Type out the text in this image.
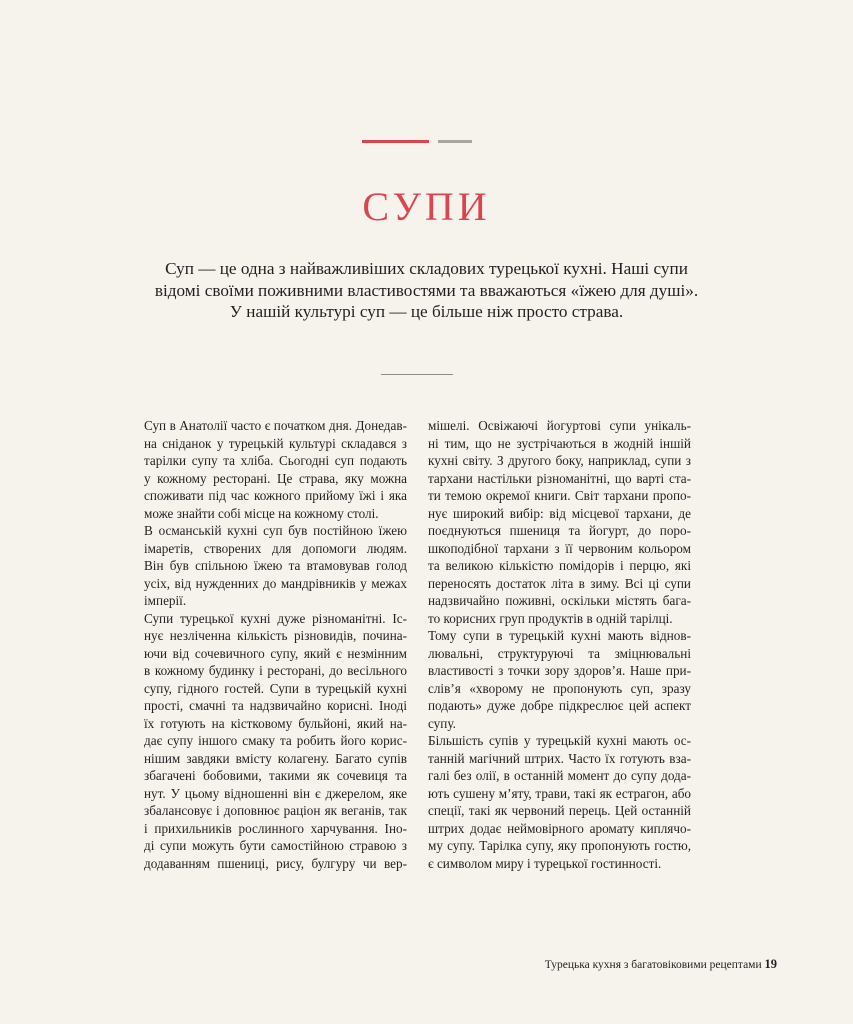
СУПИ

Суп — це одна з найважливіших складових турецької кухні. Наші супи
відомі своїми поживними властивостями та вважаються «їжею для душі».
У нашій культурі суп — це більше ніж просто страва.

Суп в Анатолії часто є початком дня. Донедав-
на сніданок у турецькій культурі складався з
тарілки супу та хліба. Сьогодні суп подають
у кожному ресторані. Це страва, яку можна
споживати під час кожного прийому їжі і яка
може знайти собі місце на кожному столі.
В османській кухні суп був постійною їжею
імаретів, створених для допомоги людям.
Він був спільною їжею та втамовував голод
усіх, від нужденних до мандрівників у межах
імперії.
Супи турецької кухні дуже різноманітні. Іс-
нує незліченна кількість різновидів, почина-
ючи від сочевичного супу, який є незмінним
в кожному будинку і ресторані, до весільного
супу, гідного гостей. Супи в турецькій кухні
прості, смачні та надзвичайно корисні. Іноді
їх готують на кістковому бульйоні, який на-
дає супу іншого смаку та робить його корис-
нішим завдяки вмісту колагену. Багато супів
збагачені бобовими, такими як сочевиця та
нут. У цьому відношенні він є джерелом, яке
збалансовує і доповнює раціон як веганів, так
і прихильників рослинного харчування. Іно-
ді супи можуть бути самостійною стравою з
додаванням пшениці, рису, булгуру чи вер-
мішелі. Освіжаючі йогуртові супи унікаль-
ні тим, що не зустрічаються в жодній іншій
кухні світу. З другого боку, наприклад, супи з
тархани настільки різноманітні, що варті ста-
ти темою окремої книги. Світ тархани пропо-
нує широкий вибір: від місцевої тархани, де
поєднуються пшениця та йогурт, до поро-
шкоподібної тархани з її червоним кольором
та великою кількістю помідорів і перцю, які
переносять достаток літа в зиму. Всі ці супи
надзвичайно поживні, оскільки містять бага-
то корисних груп продуктів в одній тарілці.
Тому супи в турецькій кухні мають віднов-
лювальні, структуруючі та зміцнювальні
властивості з точки зору здоров’я. Наше при-
слів’я «хворому не пропонують суп, зразу
подають» дуже добре підкреслює цей аспект
супу.
Більшість супів у турецькій кухні мають ос-
танній магічний штрих. Часто їх готують взa-
галі без олії, в останній момент до супу дода-
ють сушену м’яту, трави, такі як естрагон, або
спеції, такі як червоний перець. Цей останній
штрих додає неймовірного аромату киплячо-
му супу. Тарілка супу, яку пропонують гостю,
є символом миру і турецької гостинності.
Турецька кухня з багатовіковими рецептами 19
